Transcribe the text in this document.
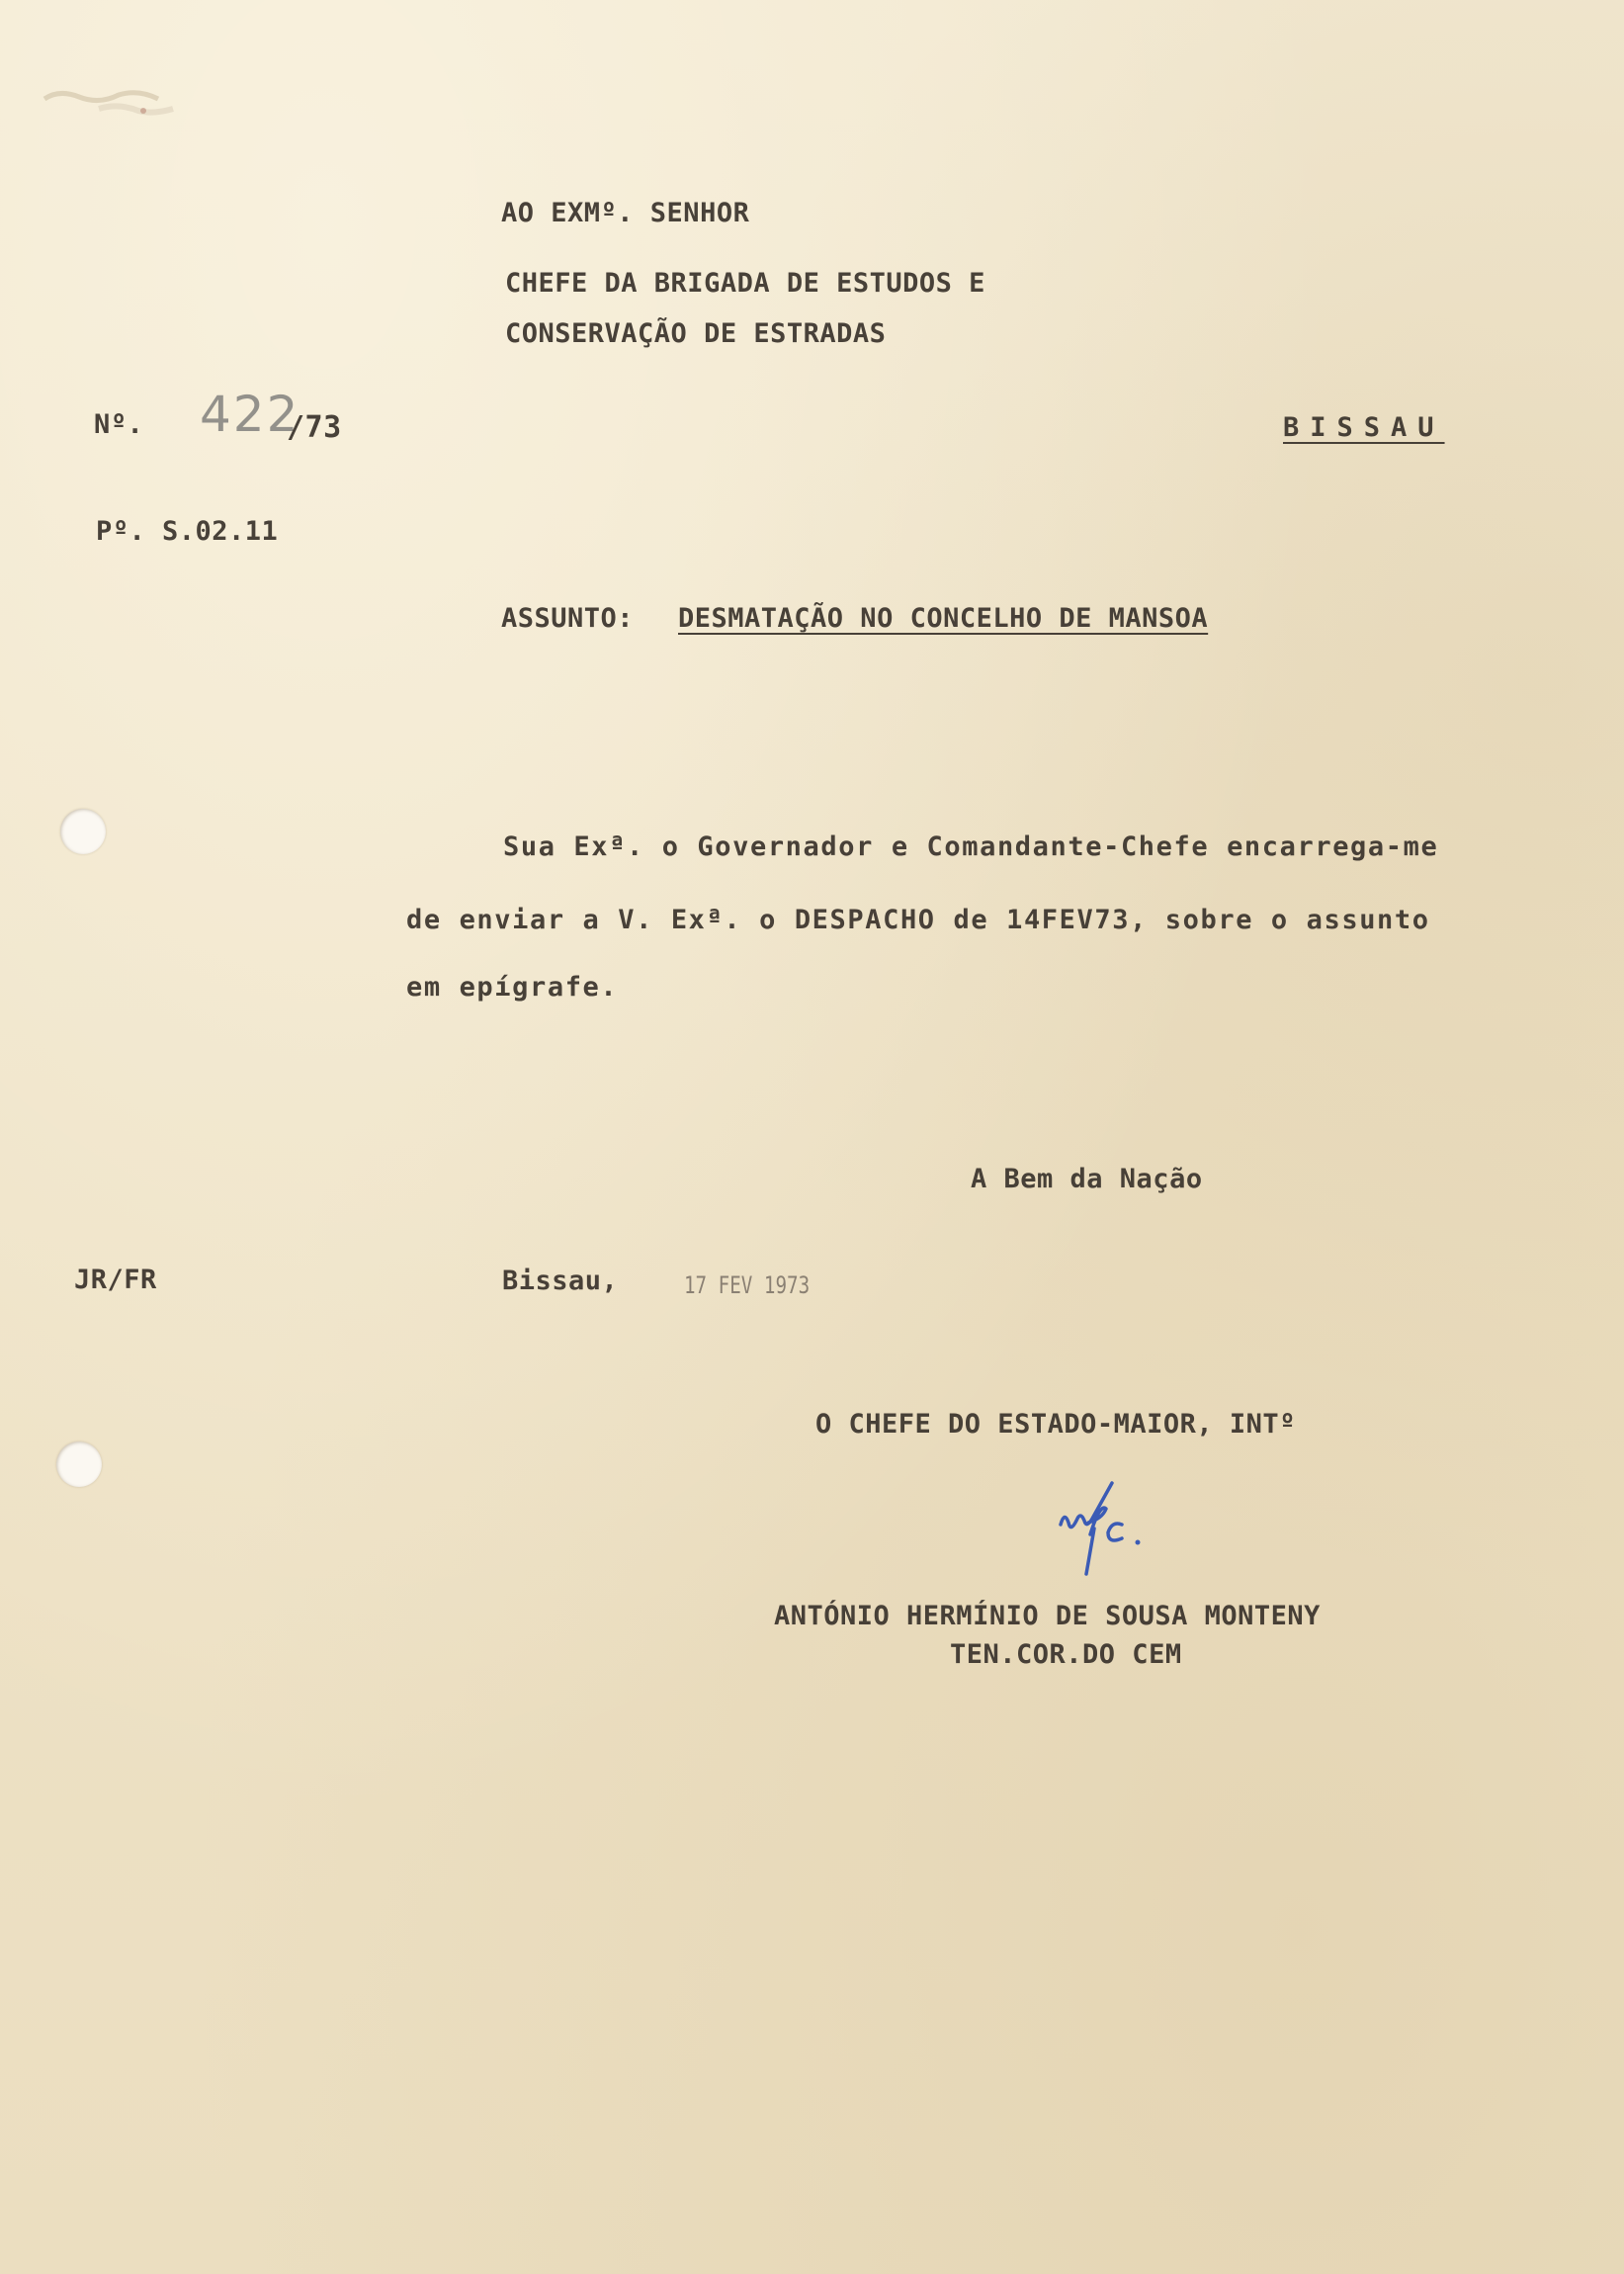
AO EXMº. SENHOR
CHEFE DA BRIGADA DE ESTUDOS E
CONSERVAÇÃO DE ESTRADAS
Nº. 422
/73	BISSAU
Pº. S.02.11
ASSUNTO: DESMATAÇÃO NO CONCELHO DE MANSOA
Sua Exª. o Governador e Comandante-Chefe encarrega-me
de enviar a V. Exª. o DESPACHO de 14FEV73, sobre o assunto
em epígrafe.
A Bem da Nação
JR/FR	Bissau,	17 FEV 1973
O CHEFE DO ESTADO-MAIOR, INTº
ANTÓNIO HERMÍNIO DE SOUSA MONTENY
TEN.COR.DO CEM
